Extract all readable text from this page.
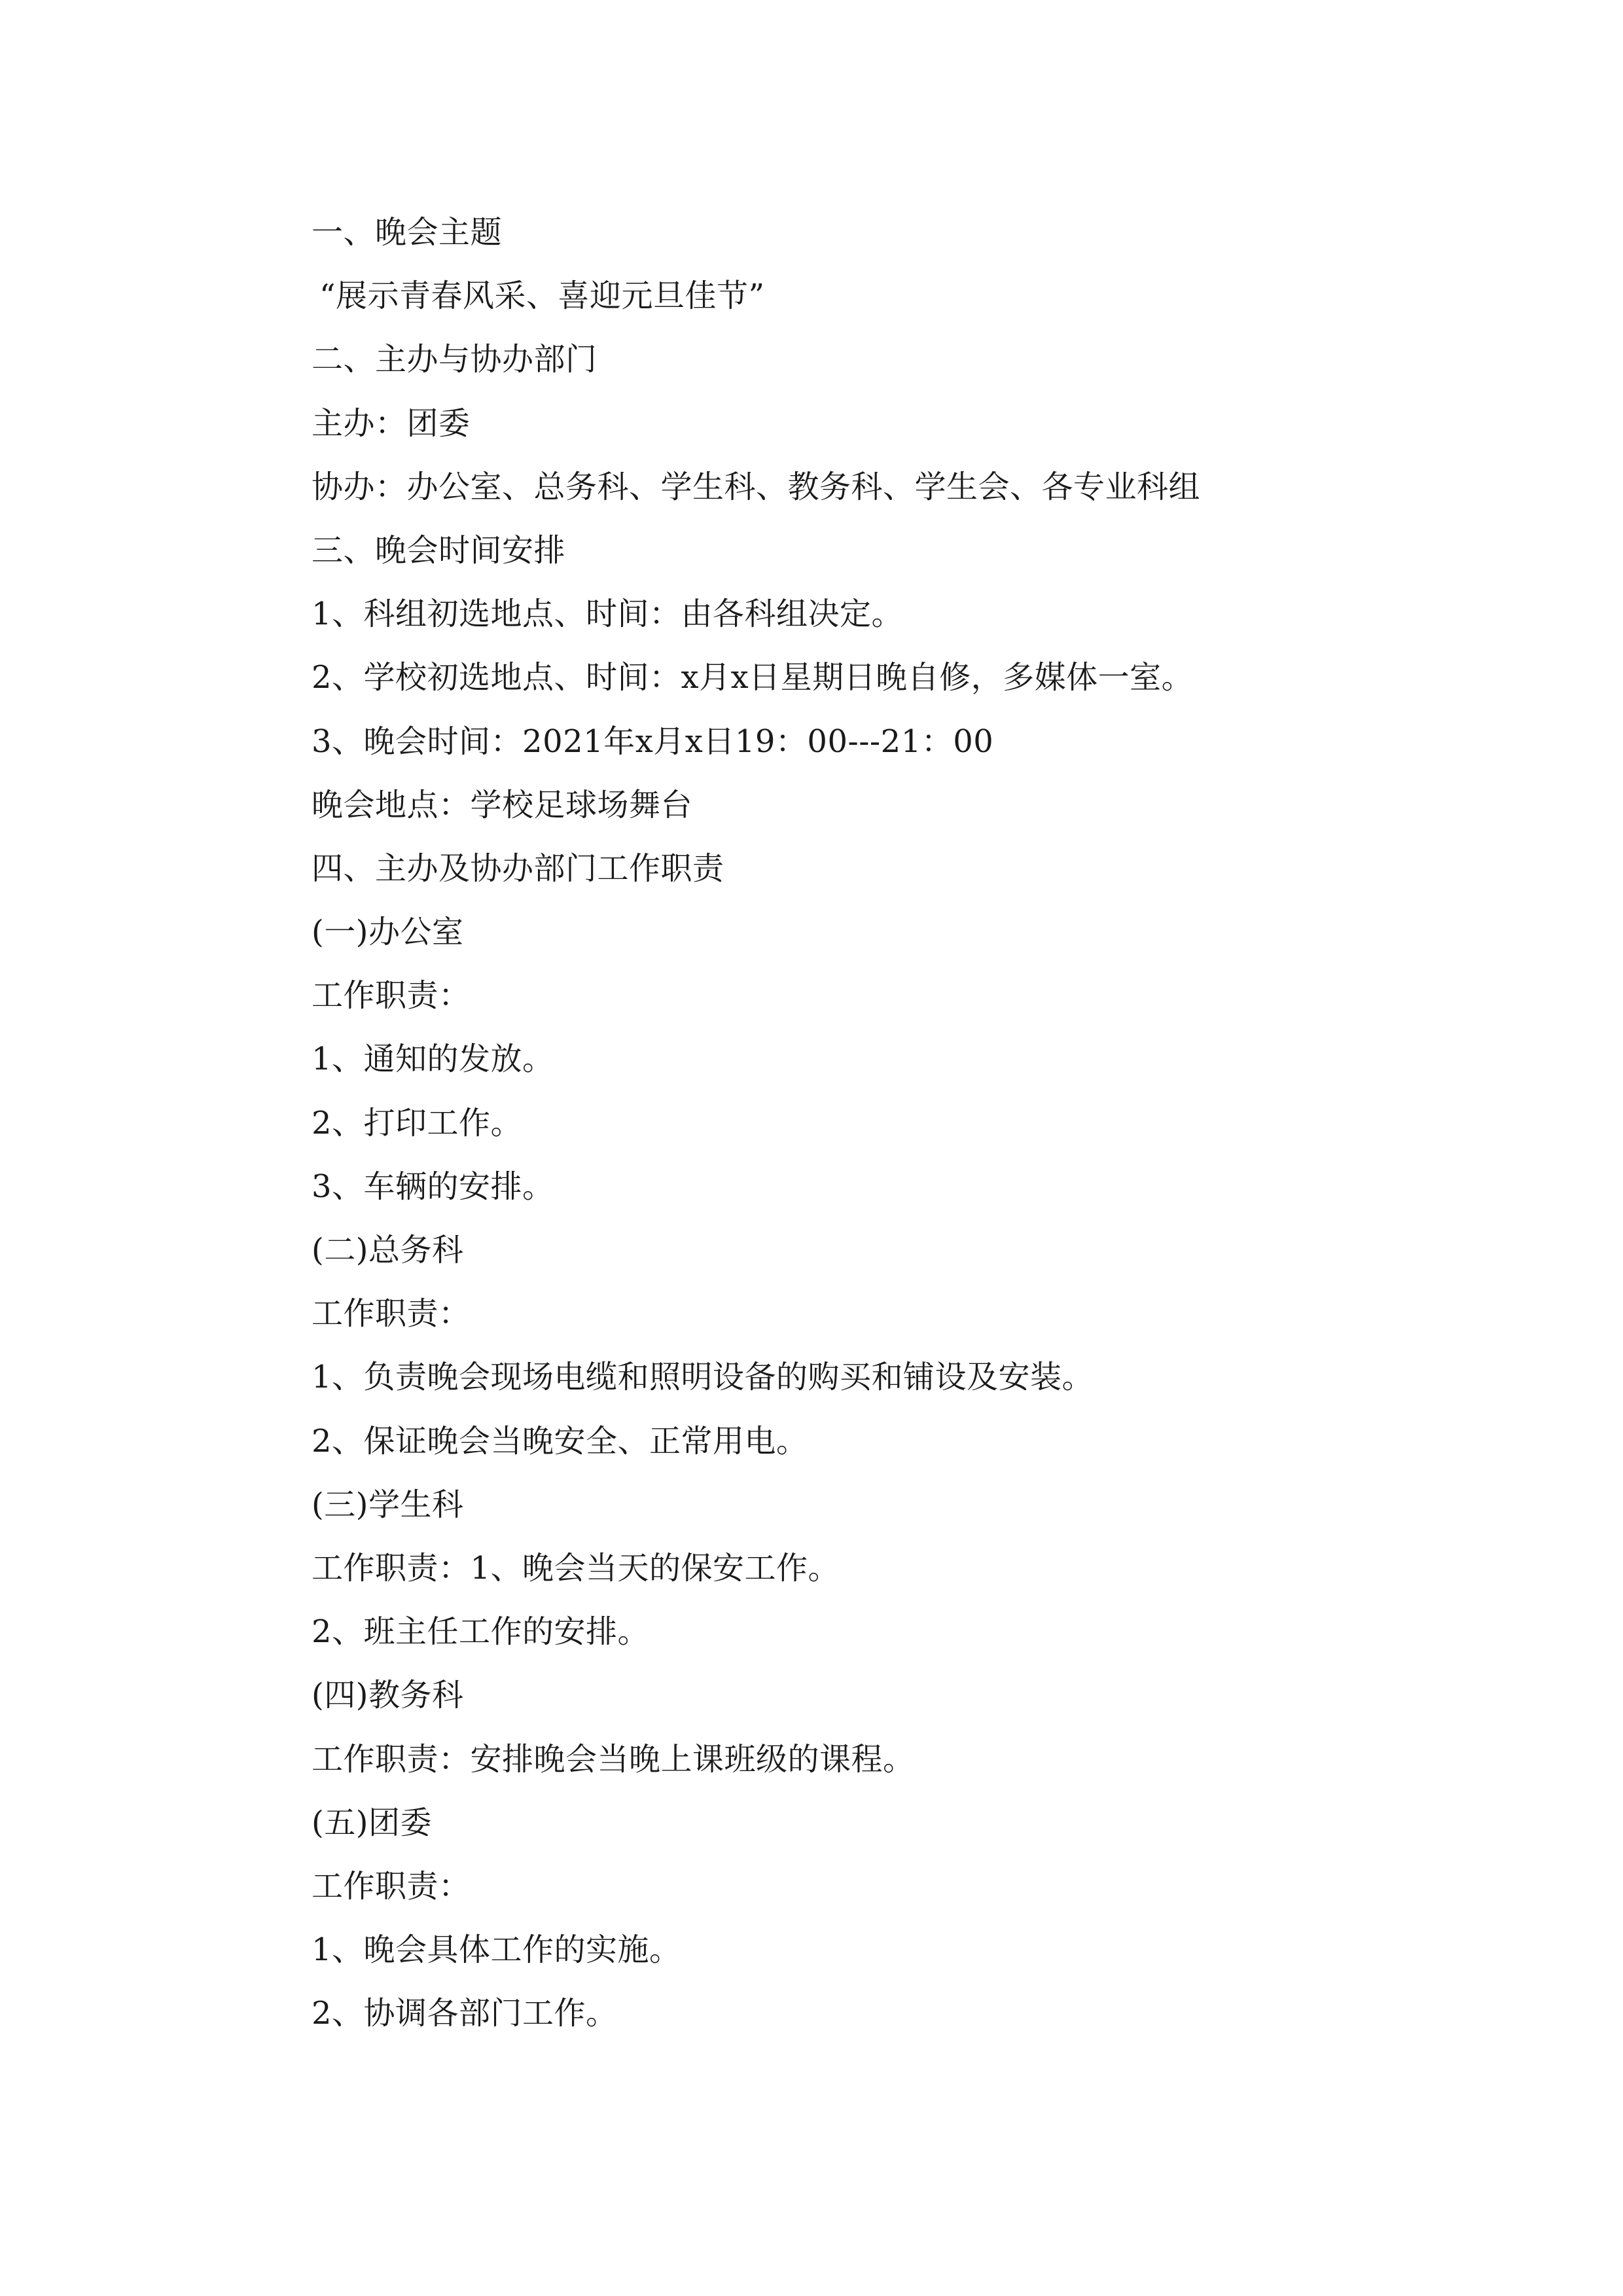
一、晚会主题
“展示青春风采、喜迎元旦佳节”
二、主办与协办部门
主办：团委
协办：办公室、总务科、学生科、教务科、学生会、各专业科组
三、晚会时间安排
1、科组初选地点、时间：由各科组决定。
2、学校初选地点、时间：x月x日星期日晚自修，多媒体一室。
3、晚会时间：2021年x月x日19：00---21：00
晚会地点：学校足球场舞台
四、主办及协办部门工作职责
(一)办公室
工作职责：
1、通知的发放。
2、打印工作。
3、车辆的安排。
(二)总务科
工作职责：
1、负责晚会现场电缆和照明设备的购买和铺设及安装。
2、保证晚会当晚安全、正常用电。
(三)学生科
工作职责：1、晚会当天的保安工作。
2、班主任工作的安排。
(四)教务科
工作职责：安排晚会当晚上课班级的课程。
(五)团委
工作职责：
1、晚会具体工作的实施。
2、协调各部门工作。
